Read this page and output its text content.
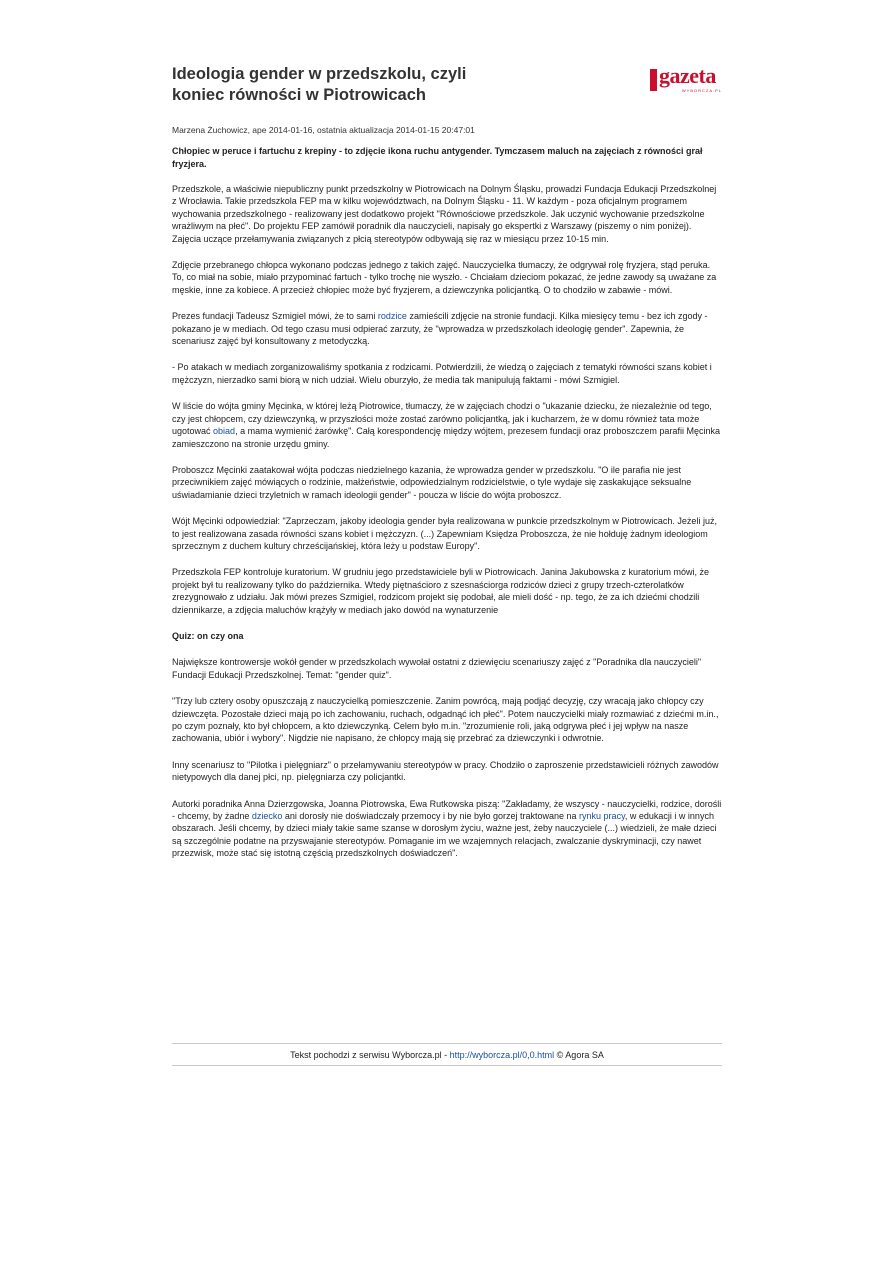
Ideologia gender w przedszkolu, czyli
koniec równości w Piotrowicach
gazeta
WYBORCZA.PL
Marzena Żuchowicz, ape 2014-01-16, ostatnia aktualizacja 2014-01-15 20:47:01
Chłopiec w peruce i fartuchu z krepiny - to zdjęcie ikona ruchu antygender. Tymczasem maluch na zajęciach z równości grał fryzjera.

Przedszkole, a właściwie niepubliczny punkt przedszkolny w Piotrowicach na Dolnym Śląsku, prowadzi Fundacja Edukacji Przedszkolnej z Wrocławia. Takie przedszkola FEP ma w kilku województwach, na Dolnym Śląsku - 11. W każdym - poza oficjalnym programem wychowania przedszkolnego - realizowany jest dodatkowo projekt "Równościowe przedszkole. Jak uczynić wychowanie przedszkolne wrażliwym na płeć". Do projektu FEP zamówił poradnik dla nauczycieli, napisały go ekspertki z Warszawy (piszemy o nim poniżej). Zajęcia uczące przełamywania związanych z płcią stereotypów odbywają się raz w miesiącu przez 10-15 min.

Zdjęcie przebranego chłopca wykonano podczas jednego z takich zajęć. Nauczycielka tłumaczy, że odgrywał rolę fryzjera, stąd peruka. To, co miał na sobie, miało przypominać fartuch - tylko trochę nie wyszło. - Chciałam dzieciom pokazać, że jedne zawody są uważane za męskie, inne za kobiece. A przecież chłopiec może być fryzjerem, a dziewczynka policjantką. O to chodziło w zabawie - mówi.

Prezes fundacji Tadeusz Szmigiel mówi, że to sami rodzice zamieścili zdjęcie na stronie fundacji. Kilka miesięcy temu - bez ich zgody - pokazano je w mediach. Od tego czasu musi odpierać zarzuty, że "wprowadza w przedszkolach ideologię gender". Zapewnia, że scenariusz zajęć był konsultowany z metodyczką.

- Po atakach w mediach zorganizowaliśmy spotkania z rodzicami. Potwierdzili, że wiedzą o zajęciach z tematyki równości szans kobiet i mężczyzn, nierzadko sami biorą w nich udział. Wielu oburzyło, że media tak manipulują faktami - mówi Szmigiel.

W liście do wójta gminy Męcinka, w której leżą Piotrowice, tłumaczy, że w zajęciach chodzi o "ukazanie dziecku, że niezależnie od tego, czy jest chłopcem, czy dziewczynką, w przyszłości może zostać zarówno policjantką, jak i kucharzem, że w domu również tata może ugotować obiad, a mama wymienić żarówkę". Całą korespondencję między wójtem, prezesem fundacji oraz proboszczem parafii Męcinka zamieszczono na stronie urzędu gminy.

Proboszcz Męcinki zaatakował wójta podczas niedzielnego kazania, że wprowadza gender w przedszkolu. "O ile parafia nie jest przeciwnikiem zajęć mówiących o rodzinie, małżeństwie, odpowiedzialnym rodzicielstwie, o tyle wydaje się zaskakujące seksualne uświadamianie dzieci trzyletnich w ramach ideologii gender" - poucza w liście do wójta proboszcz.

Wójt Męcinki odpowiedział: "Zaprzeczam, jakoby ideologia gender była realizowana w punkcie przedszkolnym w Piotrowicach. Jeżeli już, to jest realizowana zasada równości szans kobiet i mężczyzn. (...) Zapewniam Księdza Proboszcza, że nie hołduję żadnym ideologiom sprzecznym z duchem kultury chrześcijańskiej, która leży u podstaw Europy".

Przedszkola FEP kontroluje kuratorium. W grudniu jego przedstawiciele byli w Piotrowicach. Janina Jakubowska z kuratorium mówi, że projekt był tu realizowany tylko do października. Wtedy piętnaścioro z szesnaściorga rodziców dzieci z grupy trzech-czterolatków zrezygnowało z udziału. Jak mówi prezes Szmigiel, rodzicom projekt się podobał, ale mieli dość - np. tego, że za ich dziećmi chodzili dziennikarze, a zdjęcia maluchów krążyły w mediach jako dowód na wynaturzenie

Quiz: on czy ona

Największe kontrowersje wokół gender w przedszkolach wywołał ostatni z dziewięciu scenariuszy zajęć z "Poradnika dla nauczycieli" Fundacji Edukacji Przedszkolnej. Temat: "gender quiz".

"Trzy lub cztery osoby opuszczają z nauczycielką pomieszczenie. Zanim powrócą, mają podjąć decyzję, czy wracają jako chłopcy czy dziewczęta. Pozostałe dzieci mają po ich zachowaniu, ruchach, odgadnąć ich płeć". Potem nauczycielki miały rozmawiać z dziećmi m.in., po czym poznały, kto był chłopcem, a kto dziewczynką. Celem było m.in. "zrozumienie roli, jaką odgrywa płeć i jej wpływ na nasze zachowania, ubiór i wybory". Nigdzie nie napisano, że chłopcy mają się przebrać za dziewczynki i odwrotnie.

Inny scenariusz to "Pilotka i pielęgniarz" o przełamywaniu stereotypów w pracy. Chodziło o zaproszenie przedstawicieli różnych zawodów nietypowych dla danej płci, np. pielęgniarza czy policjantki.

Autorki poradnika Anna Dzierzgowska, Joanna Piotrowska, Ewa Rutkowska piszą: "Zakładamy, że wszyscy - nauczycielki, rodzice, dorośli - chcemy, by żadne dziecko ani dorosły nie doświadczały przemocy i by nie było gorzej traktowane na rynku pracy, w edukacji i w innych obszarach. Jeśli chcemy, by dzieci miały takie same szanse w dorosłym życiu, ważne jest, żeby nauczyciele (...) wiedzieli, że małe dzieci są szczególnie podatne na przyswajanie stereotypów. Pomaganie im we wzajemnych relacjach, zwalczanie dyskryminacji, czy nawet przezwisk, może stać się istotną częścią przedszkolnych doświadczeń".

Tekst pochodzi z serwisu Wyborcza.pl - http://wyborcza.pl/0,0.html © Agora SA
